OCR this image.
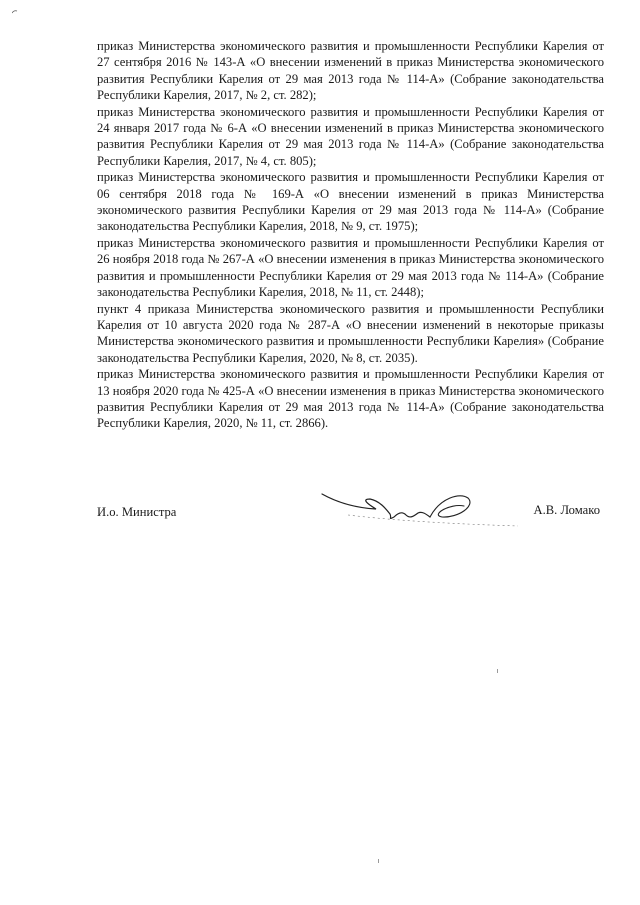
приказ Министерства экономического развития и промышленности Республики Карелия от 27 сентября 2016 № 143-А «О внесении изменений в приказ Министерства экономического развития Республики Карелия от 29 мая 2013 года № 114-А» (Собрание законодательства Республики Карелия, 2017, № 2, ст. 282);

приказ Министерства экономического развития и промышленности Республики Карелия от 24 января 2017 года № 6-А «О внесении изменений в приказ Министерства экономического развития Республики Карелия от 29 мая 2013 года № 114-А» (Собрание законодательства Республики Карелия, 2017, № 4, ст. 805);

приказ Министерства экономического развития и промышленности Республики Карелия от 06 сентября 2018 года № 169-А «О внесении изменений в приказ Министерства экономического развития Республики Карелия от 29 мая 2013 года № 114-А» (Собрание законодательства Республики Карелия, 2018, № 9, ст. 1975);

приказ Министерства экономического развития и промышленности Республики Карелия от 26 ноября 2018 года № 267-А «О внесении изменения в приказ Министерства экономического развития и промышленности Республики Карелия от 29 мая 2013 года № 114-А» (Собрание законодательства Республики Карелия, 2018, № 11, ст. 2448);

пункт 4 приказа Министерства экономического развития и промышленности Республики Карелия от 10 августа 2020 года № 287-А «О внесении изменений в некоторые приказы Министерства экономического развития и промышленности Республики Карелия» (Собрание законодательства Республики Карелия, 2020, № 8, ст. 2035).

приказ Министерства экономического развития и промышленности Республики Карелия от 13 ноября 2020 года № 425-А «О внесении изменения в приказ Министерства экономического развития Республики Карелия от 29 мая 2013 года № 114-А» (Собрание законодательства Республики Карелия, 2020, № 11, ст. 2866).

И.о. Министра	А.В. Ломако
